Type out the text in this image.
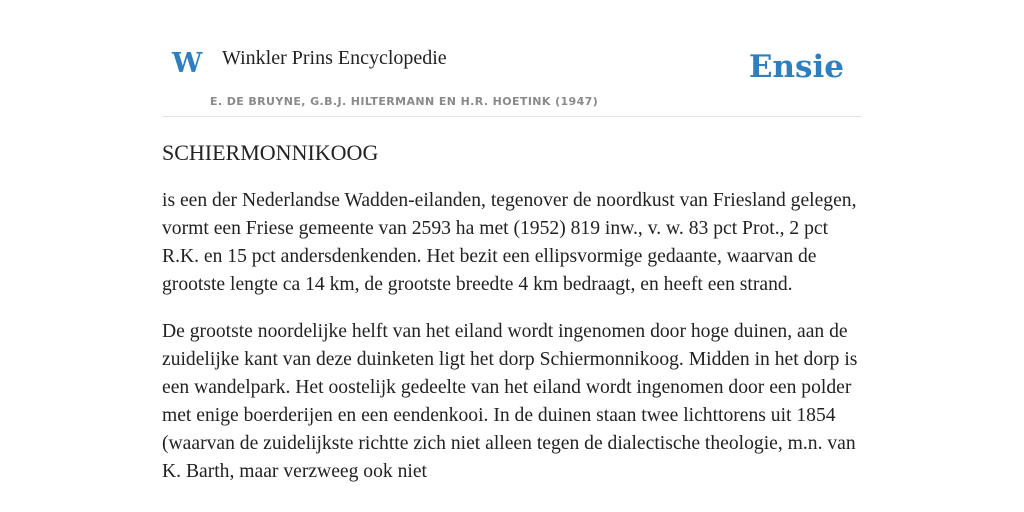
W Winkler Prins Encyclopedie
E. DE BRUYNE, G.B.J. HILTERMANN EN H.R. HOETINK (1947)
Ensie
SCHIERMONNIKOOG

is een der Nederlandse Wadden-eilanden, tegenover de noordkust van Friesland gelegen, vormt een Friese gemeente van 2593 ha met (1952) 819 inw., v. w. 83 pct Prot., 2 pct R.K. en 15 pct andersdenkenden. Het bezit een ellipsvormige gedaante, waarvan de grootste lengte ca 14 km, de grootste breedte 4 km bedraagt, en heeft een strand.

De grootste noordelijke helft van het eiland wordt ingenomen door hoge duinen, aan de zuidelijke kant van deze duinketen ligt het dorp Schiermonnikoog. Midden in het dorp is een wandelpark. Het oostelijk gedeelte van het eiland wordt ingenomen door een polder met enige boerderijen en een eendenkooi. In de duinen staan twee lichttorens uit 1854 (waarvan de zuidelijkste richtte zich niet alleen tegen de dialectische theologie, m.n. van K. Barth, maar verzweeg ook niet
